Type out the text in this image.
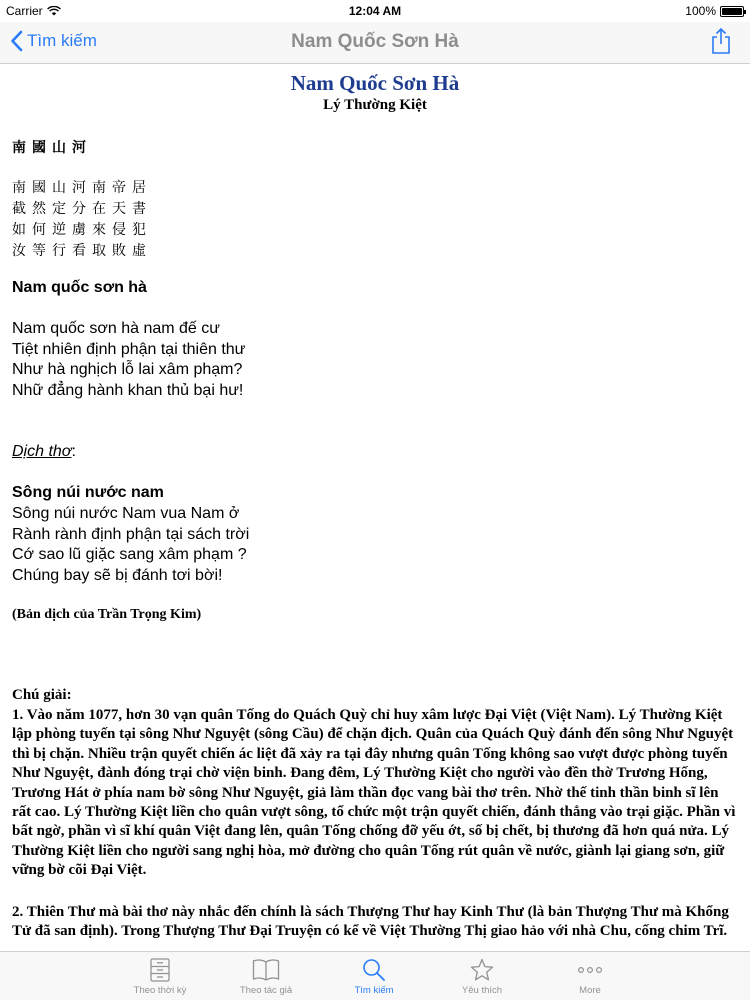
Carrier	12:04 AM	100%
Tìm kiếm	Nam Quốc Sơn Hà
Nam Quốc Sơn Hà
Lý Thường Kiệt
南國山河
南國山河南帝居
截然定分在天書
如何逆虜來侵犯
汝等行看取敗虛
Nam quốc sơn hà
Nam quốc sơn hà nam đế cư
Tiệt nhiên định phận tại thiên thư
Như hà nghịch lỗ lai xâm phạm?
Nhữ đẳng hành khan thủ bại hư!
Dịch thơ:
Sông núi nước nam
Sông núi nước Nam vua Nam ở
Rành rành định phận tại sách trời
Cớ sao lũ giặc sang xâm phạm ?
Chúng bay sẽ bị đánh tơi bời!
(Bản dịch của Trần Trọng Kim)
Chú giải:
1. Vào năm 1077, hơn 30 vạn quân Tống do Quách Quỳ chỉ huy xâm lược Đại Việt (Việt Nam). Lý Thường Kiệt lập phòng tuyến tại sông Như Nguyệt (sông Cầu) để chặn địch. Quân của Quách Quỳ đánh đến sông Như Nguyệt thì bị chặn. Nhiều trận quyết chiến ác liệt đã xảy ra tại đây nhưng quân Tống không sao vượt được phòng tuyến Như Nguyệt, đành đóng trại chờ viện binh. Đang đêm, Lý Thường Kiệt cho người vào đền thờ Trương Hống, Trương Hát ở phía nam bờ sông Như Nguyệt, giả làm thần đọc vang bài thơ trên. Nhờ thế tinh thần binh sĩ lên rất cao. Lý Thường Kiệt liền cho quân vượt sông, tổ chức một trận quyết chiến, đánh thẳng vào trại giặc. Phần vì bất ngờ, phần vì sĩ khí quân Việt đang lên, quân Tống chống đỡ yếu ớt, số bị chết, bị thương đã hơn quá nửa. Lý Thường Kiệt liền cho người sang nghị hòa, mở đường cho quân Tống rút quân về nước, giành lại giang sơn, giữ vững bờ cõi Đại Việt.
2. Thiên Thư mà bài thơ này nhắc đến chính là sách Thượng Thư hay Kinh Thư (là bản Thượng Thư mà Khổng Tử đã san định). Trong Thượng Thư Đại Truyện có kể về Việt Thường Thị giao hảo với nhà Chu, cống chim Trĩ.
Theo thời kỳ	Theo tác giả	Tìm kiếm	Yêu thích	More
